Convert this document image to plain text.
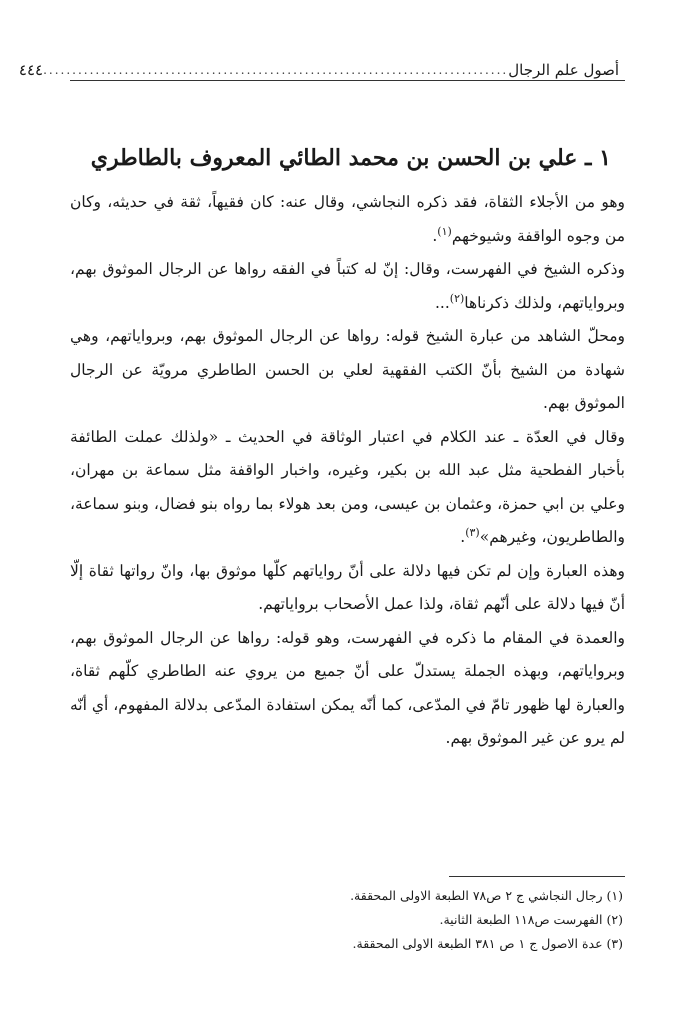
أصول علم الرجال
................................................................................
٤٤٤
١ ـ علي بن الحسن بن محمد الطائي المعروف بالطاطري

وهو من الأجلاء الثقاة، فقد ذكره النجاشي، وقال عنه: كان فقيهاً، ثقة في حديثه، وكان من وجوه الواقفة وشيوخهم$^{(١)}$.

وذكره الشيخ في الفهرست، وقال: إنّ له كتباً في الفقه رواها عن الرجال الموثوق بهم، وبرواياتهم، ولذلك ذكرناها$^{(٢)}$...

ومحلّ الشاهد من عبارة الشيخ قوله: رواها عن الرجال الموثوق بهم، وبرواياتهم، وهي شهادة من الشيخ بأنّ الكتب الفقهية لعلي بن الحسن الطاطري مرويّة عن الرجال الموثوق بهم.

وقال في العدّة ـ عند الكلام في اعتبار الوثاقة في الحديث ـ «ولذلك عملت الطائفة بأخبار الفطحية مثل عبد الله بن بكير، وغيره، واخبار الواقفة مثل سماعة بن مهران، وعلي بن ابي حمزة، وعثمان بن عيسى، ومن بعد هولاء بما رواه بنو فضال، وبنو سماعة، والطاطريون، وغيرهم»$^{(٣)}$.

وهذه العبارة وإن لم تكن فيها دلالة على أنّ رواياتهم كلّها موثوق بها، وانّ رواتها ثقاة إلّا أنّ فيها دلالة على أنّهم ثقاة، ولذا عمل الأصحاب برواياتهم.

والعمدة في المقام ما ذكره في الفهرست، وهو قوله: رواها عن الرجال الموثوق بهم، وبرواياتهم، وبهذه الجملة يستدلّ على أنّ جميع من يروي عنه الطاطري كلّهم ثقاة، والعبارة لها ظهور تامّ في المدّعى، كما أنّه يمكن استفادة المدّعى بدلالة المفهوم، أي أنّه لم يرو عن غير الموثوق بهم.

(١) رجال النجاشي ج ٢ ص٧٨ الطبعة الاولى المحققة.

(٢) الفهرست ص١١٨ الطبعة الثانية.

(٣) عدة الاصول ج ١ ص ٣٨١ الطبعة الاولى المحققة.
